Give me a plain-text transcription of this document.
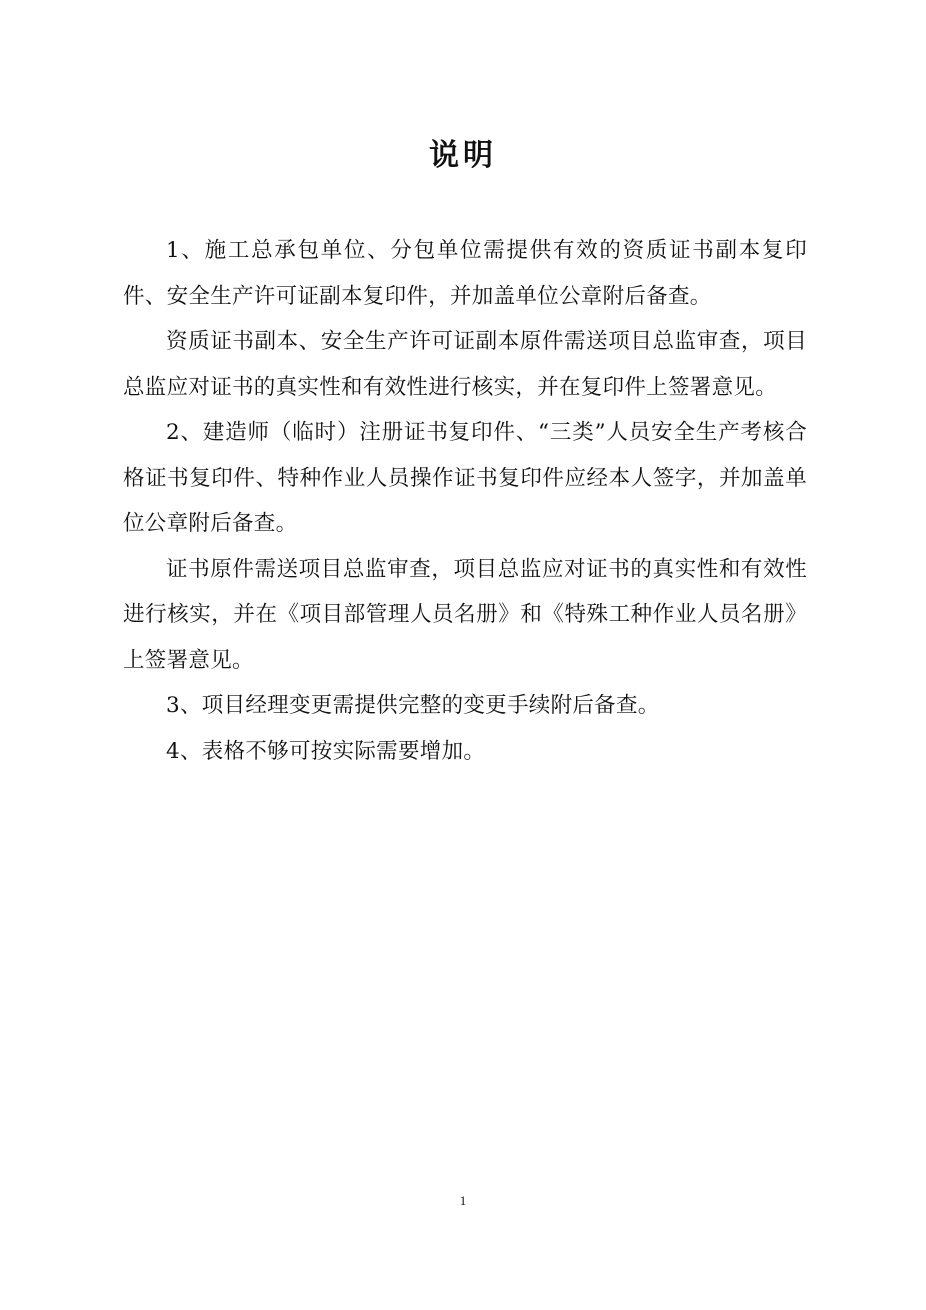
说明

1、施工总承包单位、分包单位需提供有效的资质证书副本复印件、安全生产许可证副本复印件，并加盖单位公章附后备查。

资质证书副本、安全生产许可证副本原件需送项目总监审查，项目总监应对证书的真实性和有效性进行核实，并在复印件上签署意见。

2、建造师（临时）注册证书复印件、“三类”人员安全生产考核合格证书复印件、特种作业人员操作证书复印件应经本人签字，并加盖单位公章附后备查。

证书原件需送项目总监审查，项目总监应对证书的真实性和有效性进行核实，并在《项目部管理人员名册》和《特殊工种作业人员名册》上签署意见。

3、项目经理变更需提供完整的变更手续附后备查。

4、表格不够可按实际需要增加。

1
